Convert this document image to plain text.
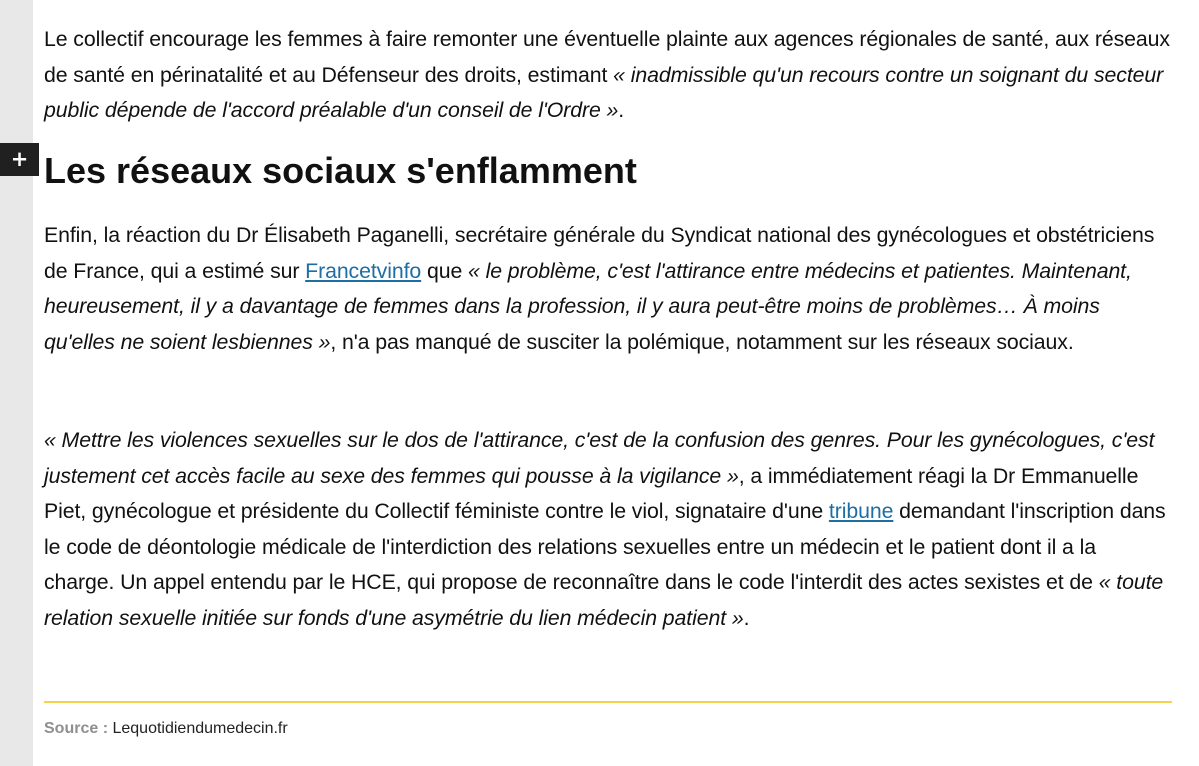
+

Le collectif encourage les femmes à faire remonter une éventuelle plainte aux agences régionales de santé, aux réseaux de santé en périnatalité et au Défenseur des droits, estimant « inadmissible qu'un recours contre un soignant du secteur public dépende de l'accord préalable d'un conseil de l'Ordre ».

Les réseaux sociaux s'enflamment

Enfin, la réaction du Dr Élisabeth Paganelli, secrétaire générale du Syndicat national des gynécologues et obstétriciens de France, qui a estimé sur Francetvinfo que « le problème, c'est l'attirance entre médecins et patientes. Maintenant, heureusement, il y a davantage de femmes dans la profession, il y aura peut-être moins de problèmes… À moins qu'elles ne soient lesbiennes », n'a pas manqué de susciter la polémique, notamment sur les réseaux sociaux.

« Mettre les violences sexuelles sur le dos de l'attirance, c'est de la confusion des genres. Pour les gynécologues, c'est justement cet accès facile au sexe des femmes qui pousse à la vigilance », a immédiatement réagi la Dr Emmanuelle Piet, gynécologue et présidente du Collectif féministe contre le viol, signataire d'une tribune demandant l'inscription dans le code de déontologie médicale de l'interdiction des relations sexuelles entre un médecin et le patient dont il a la charge. Un appel entendu par le HCE, qui propose de reconnaître dans le code l'interdit des actes sexistes et de « toute relation sexuelle initiée sur fonds d'une asymétrie du lien médecin patient ».

Source : Lequotidiendumedecin.fr
